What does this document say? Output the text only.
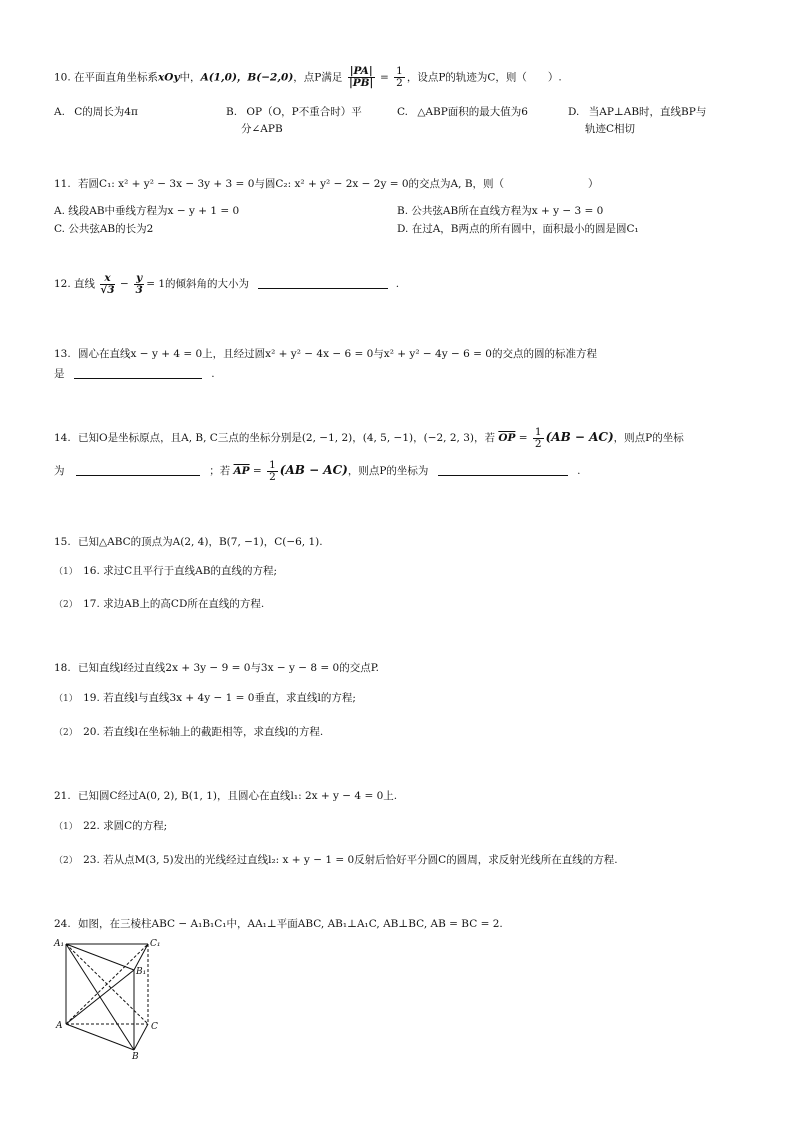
10. 在平面直角坐标系xOy中，A(1,0)，B(−2,0)，点P满足 $\frac{|PA|}{|PB|} = \frac{1}{2}$ ，设点P的轨迹为C，则（　　）.
A. C的周长为4π	B. OP（O，P不重合时）平
分∠APB
C. △ABP面积的最大值为6	D. 当AP⊥AB时，直线BP与
轨迹C相切
11. 若圆C₁: x² + y² − 3x − 3y + 3 = 0与圆C₂: x² + y² − 2x − 2y = 0的交点为A, B，则（　　　　　　　　）
A. 线段AB中垂线方程为x − y + 1 = 0	B. 公共弦AB所在直线方程为x + y − 3 = 0
C. 公共弦AB的长为2	D. 在过A，B两点的所有圆中，面积最小的圆是圆C₁
12. 直线 $\frac{x}{√3} - \frac{y}{3} = 1$的倾斜角的大小为	.
13. 圆心在直线x − y + 4 = 0上，且经过圆x² + y² − 4x − 6 = 0与x² + y² − 4y − 6 = 0的交点的圆的标准方程
是	.
14. 已知O是坐标原点，且A, B, C三点的坐标分别是(2, −1, 2)，(4, 5, −1)，(−2, 2, 3)，若 $\overline{OP} = \frac{1}{2} (AB - AC)$，则点P的坐标
为	；若 $\overline{AP} = \frac{1}{2} (AB - AC)$，则点P的坐标为	.
15. 已知△ABC的顶点为A(2, 4)，B(7, −1)，C(−6, 1).
（1） 16. 求过C且平行于直线AB的直线的方程;
（2） 17. 求边AB上的高CD所在直线的方程.
18. 已知直线l经过直线2x + 3y − 9 = 0与3x − y − 8 = 0的交点P.
（1） 19. 若直线l与直线3x + 4y − 1 = 0垂直，求直线l的方程;
（2） 20. 若直线l在坐标轴上的截距相等，求直线l的方程.
21. 已知圆C经过A(0, 2), B(1, 1)，且圆心在直线l₁: 2x + y − 4 = 0上.
（1） 22. 求圆C的方程;
（2） 23. 若从点M(3, 5)发出的光线经过直线l₂: x + y − 1 = 0反射后恰好平分圆C的圆周，求反射光线所在直线的方程.
24. 如图，在三棱柱ABC − A₁B₁C₁中，AA₁⊥平面ABC, AB₁⊥A₁C, AB⊥BC, AB = BC = 2.
A₁	C₁
B₁
A	C
B
